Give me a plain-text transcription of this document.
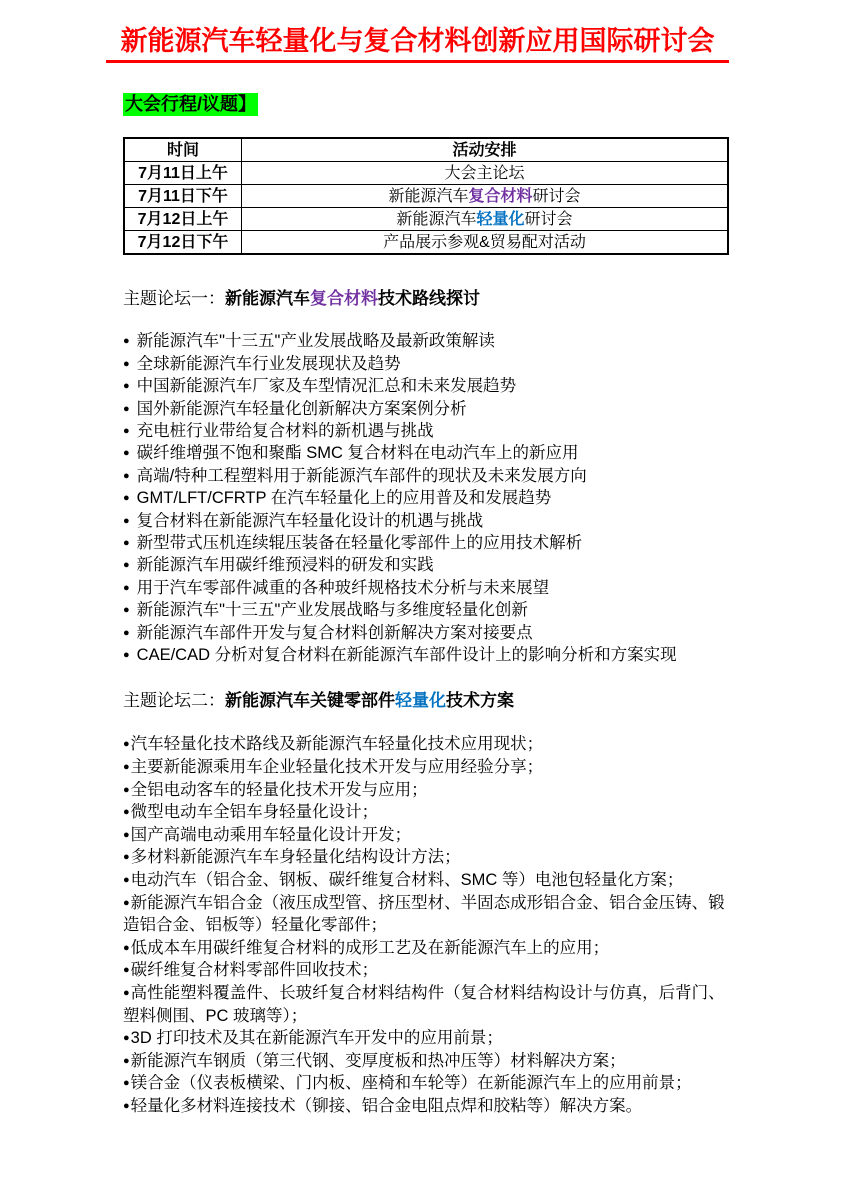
新能源汽车轻量化与复合材料创新应用国际研讨会
大会行程/议题】
时间	活动安排
7月11日上午	大会主论坛
7月11日下午	新能源汽车复合材料研讨会
7月12日上午	新能源汽车轻量化研讨会
7月12日下午	产品展示参观&贸易配对活动
主题论坛一：新能源汽车复合材料技术路线探讨
● 新能源汽车"十三五"产业发展战略及最新政策解读
● 全球新能源汽车行业发展现状及趋势
● 中国新能源汽车厂家及车型情况汇总和未来发展趋势
● 国外新能源汽车轻量化创新解决方案案例分析
● 充电桩行业带给复合材料的新机遇与挑战
● 碳纤维增强不饱和聚酯 SMC 复合材料在电动汽车上的新应用
● 高端/特种工程塑料用于新能源汽车部件的现状及未来发展方向
● GMT/LFT/CFRTP 在汽车轻量化上的应用普及和发展趋势
● 复合材料在新能源汽车轻量化设计的机遇与挑战
● 新型带式压机连续辊压装备在轻量化零部件上的应用技术解析
● 新能源汽车用碳纤维预浸料的研发和实践
● 用于汽车零部件减重的各种玻纤规格技术分析与未来展望
● 新能源汽车"十三五"产业发展战略与多维度轻量化创新
● 新能源汽车部件开发与复合材料创新解决方案对接要点
● CAE/CAD 分析对复合材料在新能源汽车部件设计上的影响分析和方案实现
主题论坛二：新能源汽车关键零部件轻量化技术方案
●汽车轻量化技术路线及新能源汽车轻量化技术应用现状；
●主要新能源乘用车企业轻量化技术开发与应用经验分享；
●全铝电动客车的轻量化技术开发与应用；
●微型电动车全铝车身轻量化设计；
●国产高端电动乘用车轻量化设计开发；
●多材料新能源汽车车身轻量化结构设计方法；
●电动汽车（铝合金、钢板、碳纤维复合材料、SMC 等）电池包轻量化方案；
●新能源汽车铝合金（液压成型管、挤压型材、半固态成形铝合金、铝合金压铸、锻造铝合金、铝板等）轻量化零部件；
●低成本车用碳纤维复合材料的成形工艺及在新能源汽车上的应用；
●碳纤维复合材料零部件回收技术；
●高性能塑料覆盖件、长玻纤复合材料结构件（复合材料结构设计与仿真，后背门、塑料侧围、PC 玻璃等）；
●3D 打印技术及其在新能源汽车开发中的应用前景；
●新能源汽车钢质（第三代钢、变厚度板和热冲压等）材料解决方案；
●镁合金（仪表板横梁、门内板、座椅和车轮等）在新能源汽车上的应用前景；
●轻量化多材料连接技术（铆接、铝合金电阻点焊和胶粘等）解决方案。
